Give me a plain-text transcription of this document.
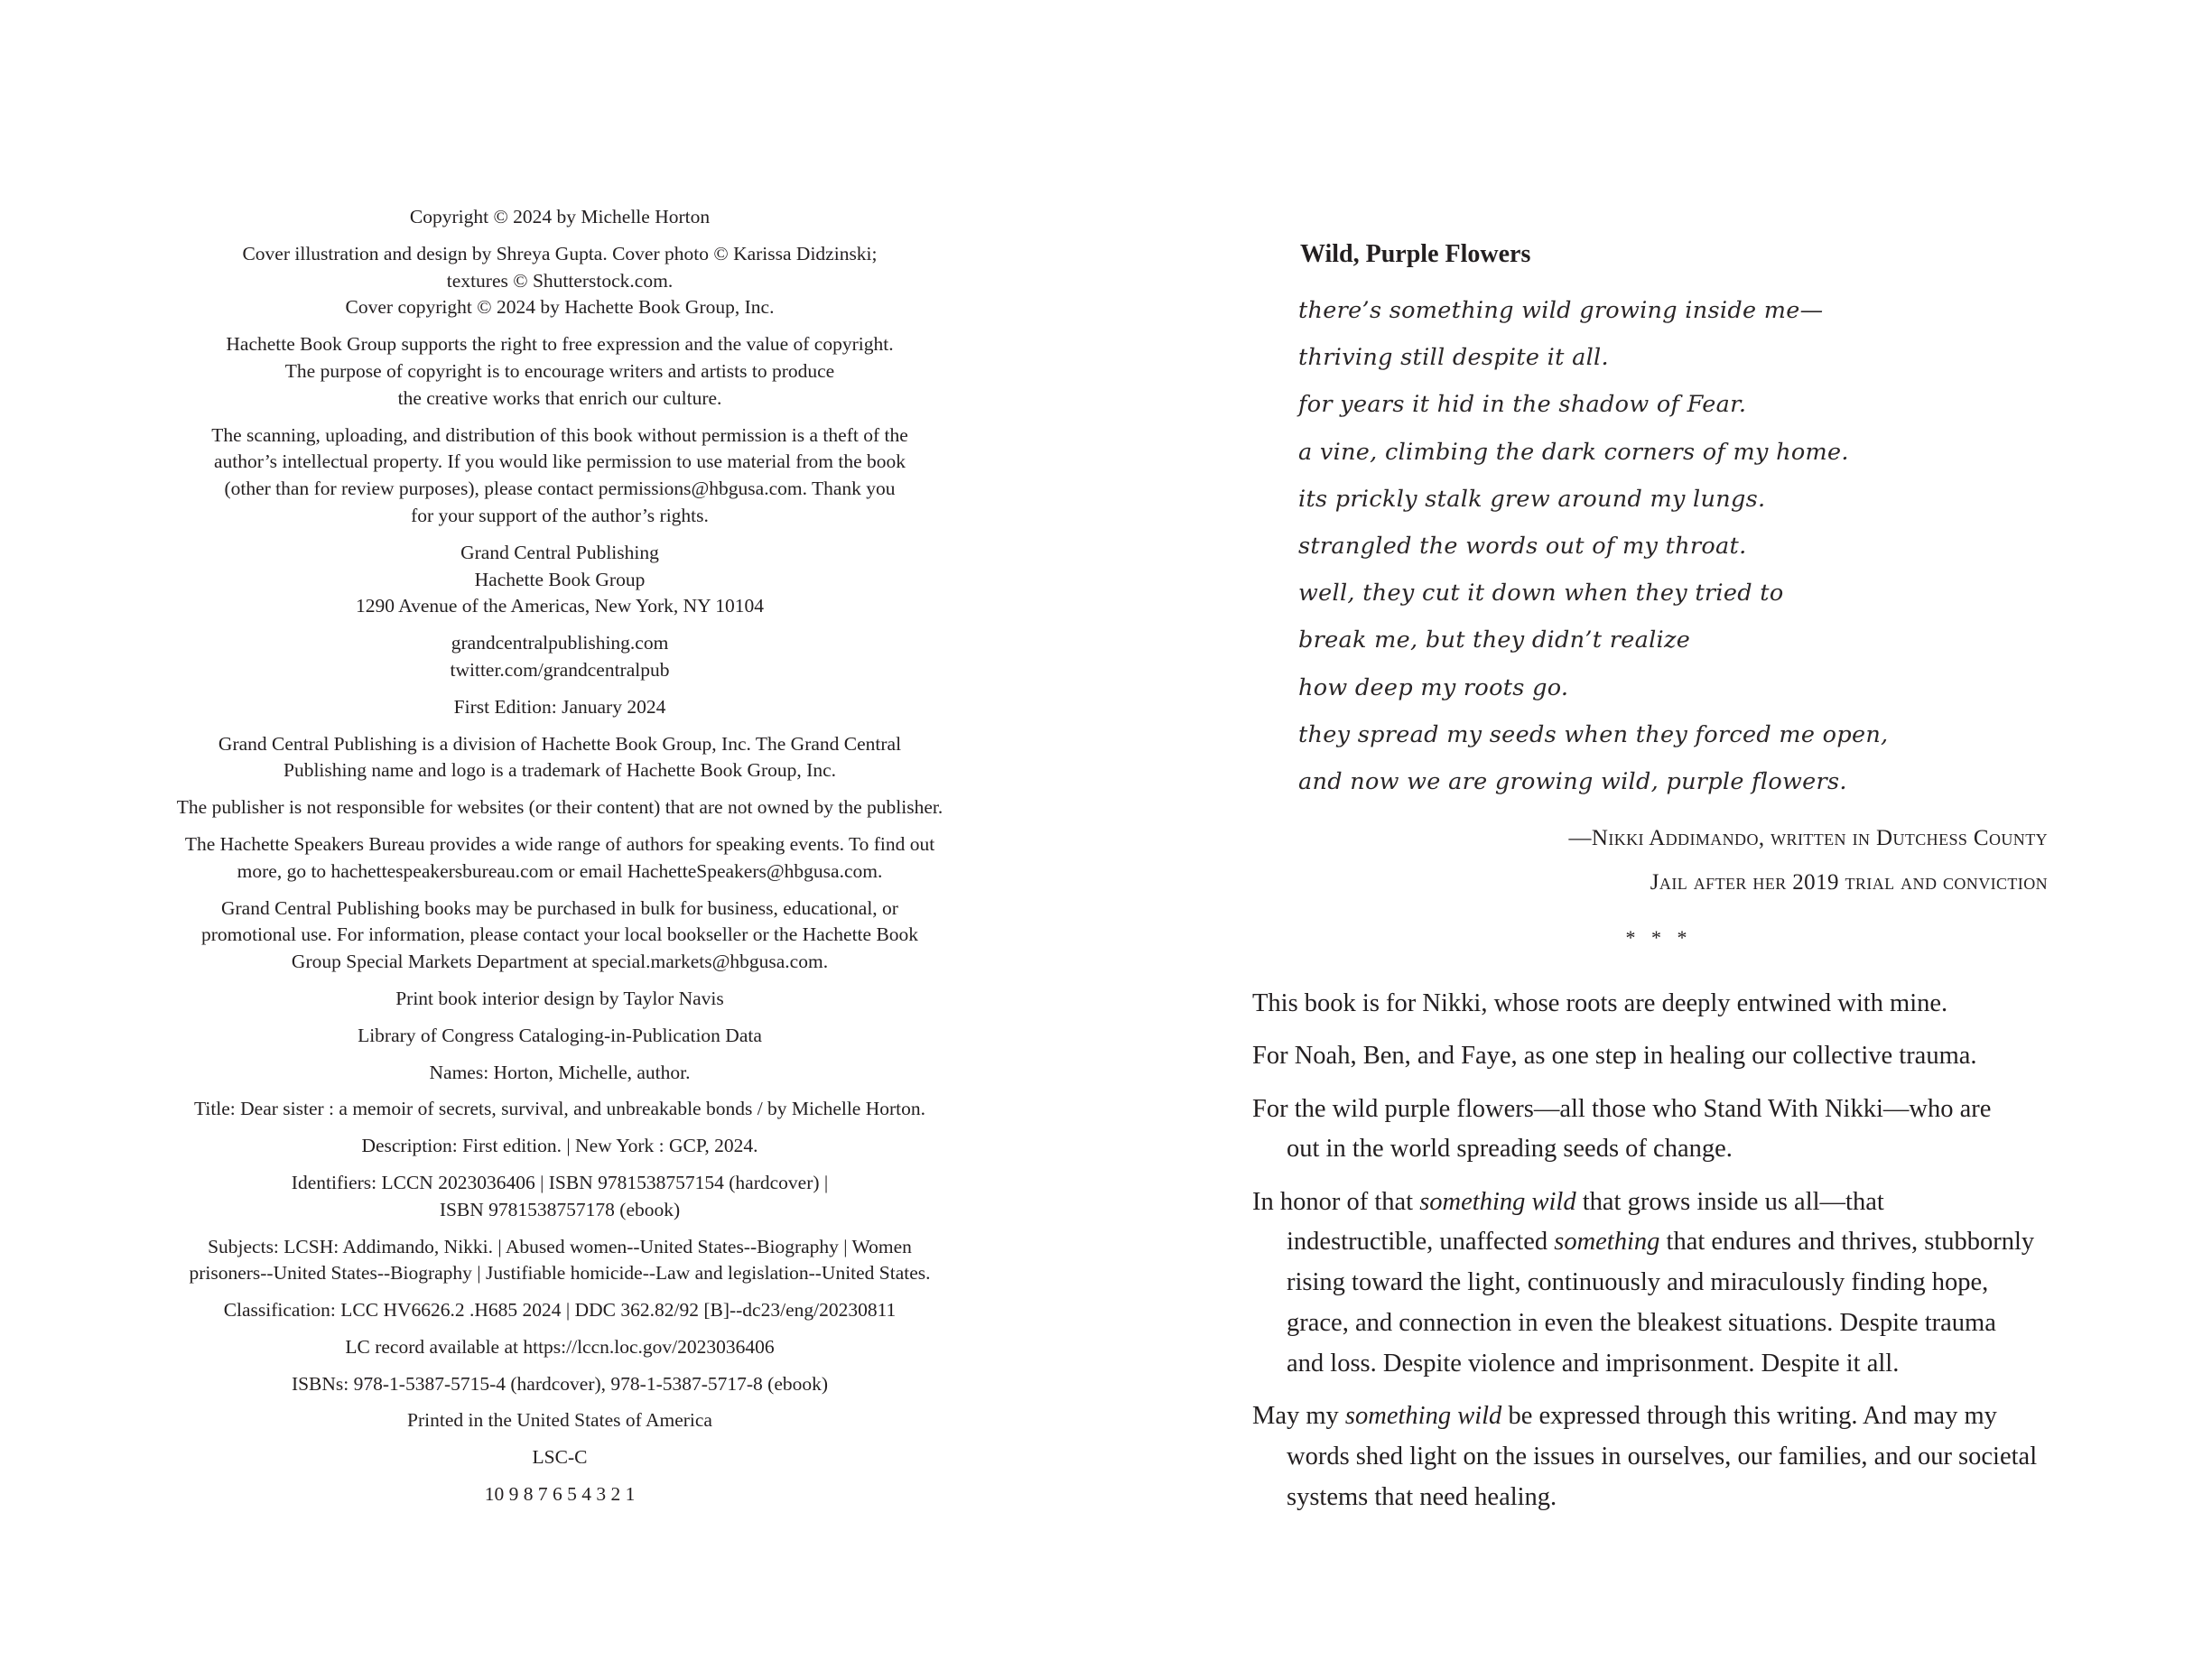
Copyright © 2024 by Michelle Horton
Cover illustration and design by Shreya Gupta. Cover photo © Karissa Didzinski;
textures © Shutterstock.com.
Cover copyright © 2024 by Hachette Book Group, Inc.
Hachette Book Group supports the right to free expression and the value of copyright.
The purpose of copyright is to encourage writers and artists to produce
the creative works that enrich our culture.
The scanning, uploading, and distribution of this book without permission is a theft of the
author’s intellectual property. If you would like permission to use material from the book
(other than for review purposes), please contact permissions@hbgusa.com. Thank you
for your support of the author’s rights.
Grand Central Publishing
Hachette Book Group
1290 Avenue of the Americas, New York, NY 10104
grandcentralpublishing.com
twitter.com/grandcentralpub
First Edition: January 2024
Grand Central Publishing is a division of Hachette Book Group, Inc. The Grand Central
Publishing name and logo is a trademark of Hachette Book Group, Inc.
The publisher is not responsible for websites (or their content) that are not owned by the publisher.
The Hachette Speakers Bureau provides a wide range of authors for speaking events. To find out
more, go to hachettespeakersbureau.com or email HachetteSpeakers@hbgusa.com.
Grand Central Publishing books may be purchased in bulk for business, educational, or
promotional use. For information, please contact your local bookseller or the Hachette Book
Group Special Markets Department at special.markets@hbgusa.com.
Print book interior design by Taylor Navis
Library of Congress Cataloging-in-Publication Data
Names: Horton, Michelle, author.
Title: Dear sister : a memoir of secrets, survival, and unbreakable bonds / by Michelle Horton.
Description: First edition. | New York : GCP, 2024.
Identifiers: LCCN 2023036406 | ISBN 9781538757154 (hardcover) |
ISBN 9781538757178 (ebook)
Subjects: LCSH: Addimando, Nikki. | Abused women--United States--Biography | Women
prisoners--United States--Biography | Justifiable homicide--Law and legislation--United States.
Classification: LCC HV6626.2 .H685 2024 | DDC 362.82/92 [B]--dc23/eng/20230811
LC record available at https://lccn.loc.gov/2023036406
ISBNs: 978-1-5387-5715-4 (hardcover), 978-1-5387-5717-8 (ebook)
Printed in the United States of America
LSC-C
10 9 8 7 6 5 4 3 2 1
Wild, Purple Flowers
there’s something wild growing inside me—
thriving still despite it all.
for years it hid in the shadow of Fear.
a vine, climbing the dark corners of my home.
its prickly stalk grew around my lungs.
strangled the words out of my throat.
well, they cut it down when they tried to
break me, but they didn’t realize
how deep my roots go.
they spread my seeds when they forced me open,
and now we are growing wild, purple flowers.
—Nikki Addimando, written in Dutchess County
Jail after her 2019 trial and conviction
* * *
This book is for Nikki, whose roots are deeply entwined with mine.
For Noah, Ben, and Faye, as one step in healing our collective trauma.
For the wild purple flowers—all those who Stand With Nikki—who are
out in the world spreading seeds of change.
In honor of that something wild that grows inside us all—that
indestructible, unaffected something that endures and thrives, stubbornly
rising toward the light, continuously and miraculously finding hope,
grace, and connection in even the bleakest situations. Despite trauma
and loss. Despite violence and imprisonment. Despite it all.
May my something wild be expressed through this writing. And may my
words shed light on the issues in ourselves, our families, and our societal
systems that need healing.
